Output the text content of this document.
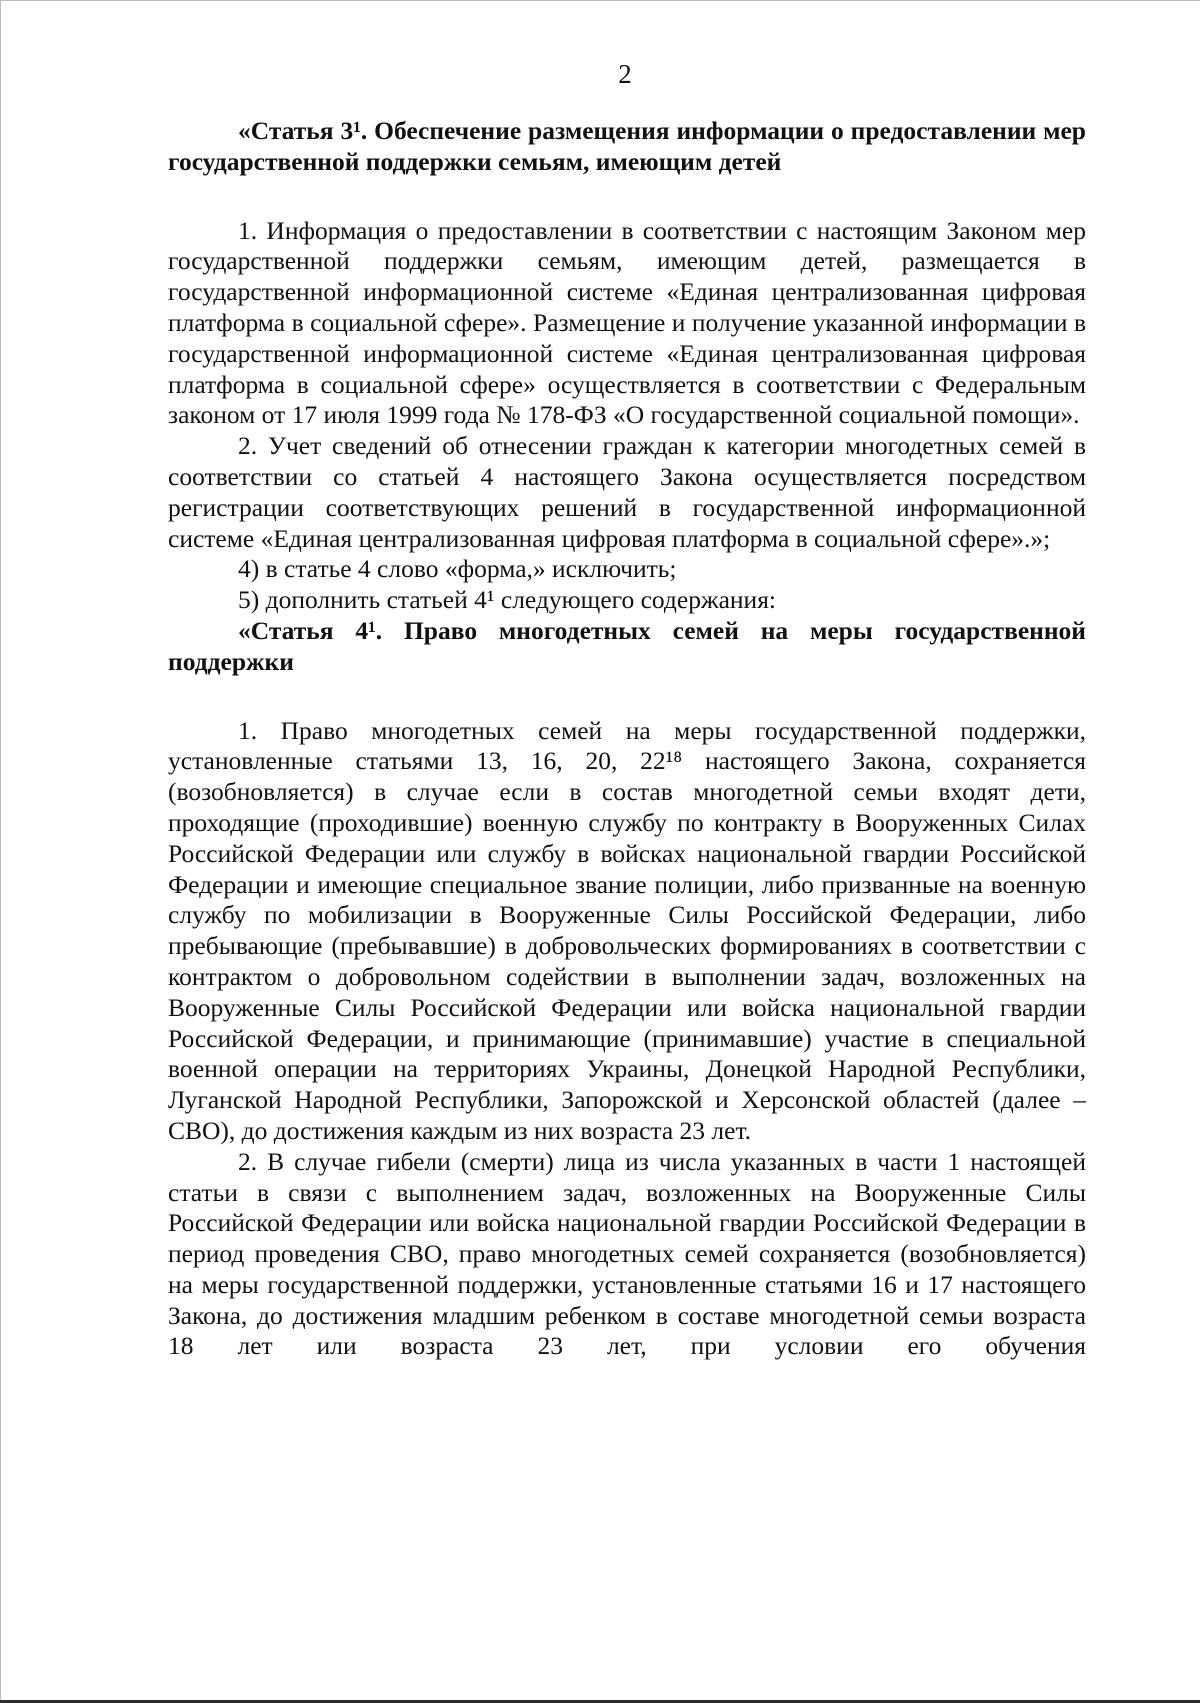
2

«Статья 3¹. Обеспечение размещения информации о предоставлении мер государственной поддержки семьям, имеющим детей

1. Информация о предоставлении в соответствии с настоящим Законом мер государственной поддержки семьям, имеющим детей, размещается в государственной информационной системе «Единая централизованная цифровая платформа в социальной сфере». Размещение и получение указанной информации в государственной информационной системе «Единая централизованная цифровая платформа в социальной сфере» осуществляется в соответствии с Федеральным законом от 17 июля 1999 года № 178-ФЗ «О государственной социальной помощи».

2. Учет сведений об отнесении граждан к категории многодетных семей в соответствии со статьей 4 настоящего Закона осуществляется посредством регистрации соответствующих решений в государственной информационной системе «Единая централизованная цифровая платформа в социальной сфере».»;

4) в статье 4 слово «форма,» исключить;

5) дополнить статьей 4¹ следующего содержания:

«Статья 4¹. Право многодетных семей на меры государственной поддержки

1. Право многодетных семей на меры государственной поддержки, установленные статьями 13, 16, 20, 22¹⁸ настоящего Закона, сохраняется (возобновляется) в случае если в состав многодетной семьи входят дети, проходящие (проходившие) военную службу по контракту в Вооруженных Силах Российской Федерации или службу в войсках национальной гвардии Российской Федерации и имеющие специальное звание полиции, либо призванные на военную службу по мобилизации в Вооруженные Силы Российской Федерации, либо пребывающие (пребывавшие) в добровольческих формированиях в соответствии с контрактом о добровольном содействии в выполнении задач, возложенных на Вооруженные Силы Российской Федерации или войска национальной гвардии Российской Федерации, и принимающие (принимавшие) участие в специальной военной операции на территориях Украины, Донецкой Народной Республики, Луганской Народной Республики, Запорожской и Херсонской областей (далее – СВО), до достижения каждым из них возраста 23 лет.

2. В случае гибели (смерти) лица из числа указанных в части 1 настоящей статьи в связи с выполнением задач, возложенных на Вооруженные Силы Российской Федерации или войска национальной гвардии Российской Федерации в период проведения СВО, право многодетных семей сохраняется (возобновляется) на меры государственной поддержки, установленные статьями 16 и 17 настоящего Закона, до достижения младшим ребенком в составе многодетной семьи возраста 18 лет или возраста 23 лет, при условии его обучения
